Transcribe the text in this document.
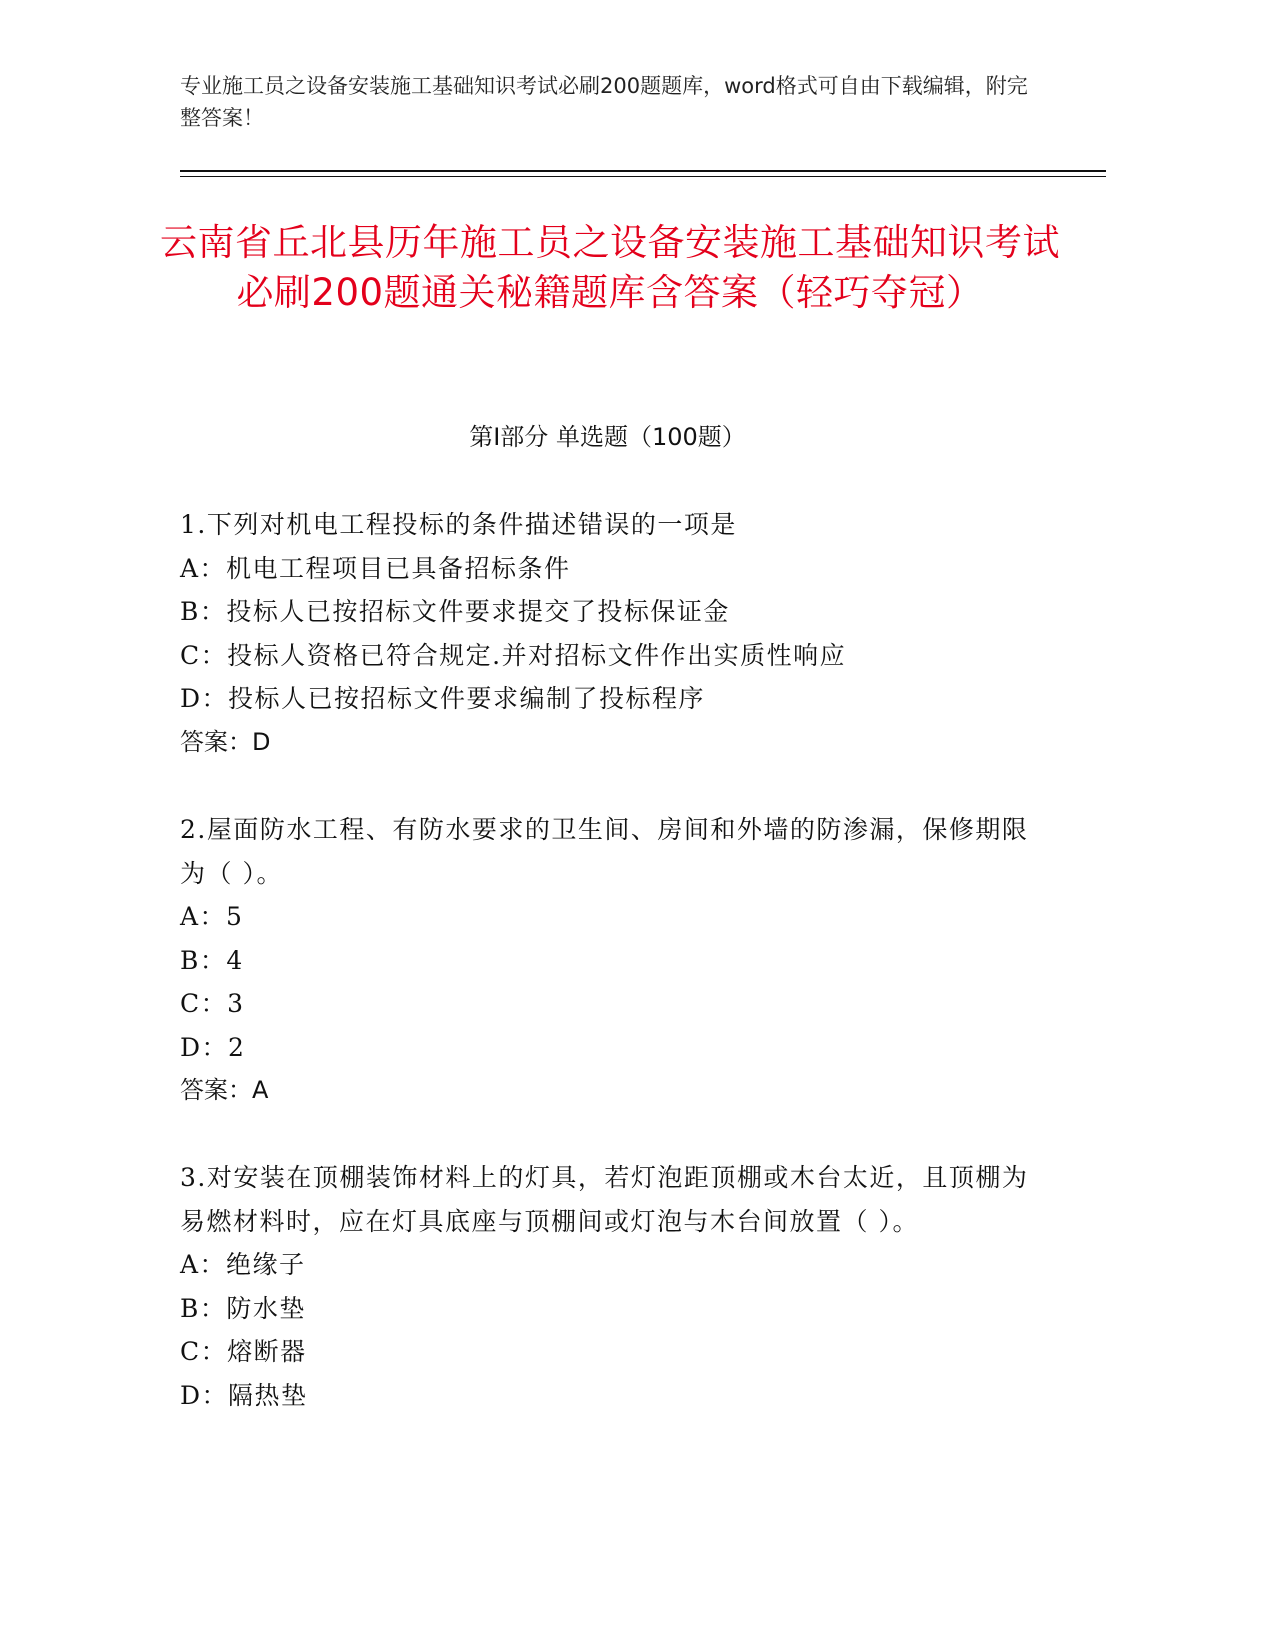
专业施工员之设备安装施工基础知识考试必刷200题题库，word格式可自由下载编辑，附完整答案！
云南省丘北县历年施工员之设备安装施工基础知识考试必刷200题通关秘籍题库含答案（轻巧夺冠）
第Ⅰ部分 单选题（100题）

1.下列对机电工程投标的条件描述错误的一项是

A：机电工程项目已具备招标条件

B：投标人已按招标文件要求提交了投标保证金

C：投标人资格已符合规定.并对招标文件作出实质性响应

D：投标人已按招标文件要求编制了投标程序

答案：D

2.屋面防水工程、有防水要求的卫生间、房间和外墙的防渗漏，保修期限为（ ）。

A：5

B：4

C：3

D：2

答案：A

3.对安装在顶棚装饰材料上的灯具，若灯泡距顶棚或木台太近，且顶棚为易燃材料时，应在灯具底座与顶棚间或灯泡与木台间放置（ ）。

A：绝缘子

B：防水垫

C：熔断器

D：隔热垫
